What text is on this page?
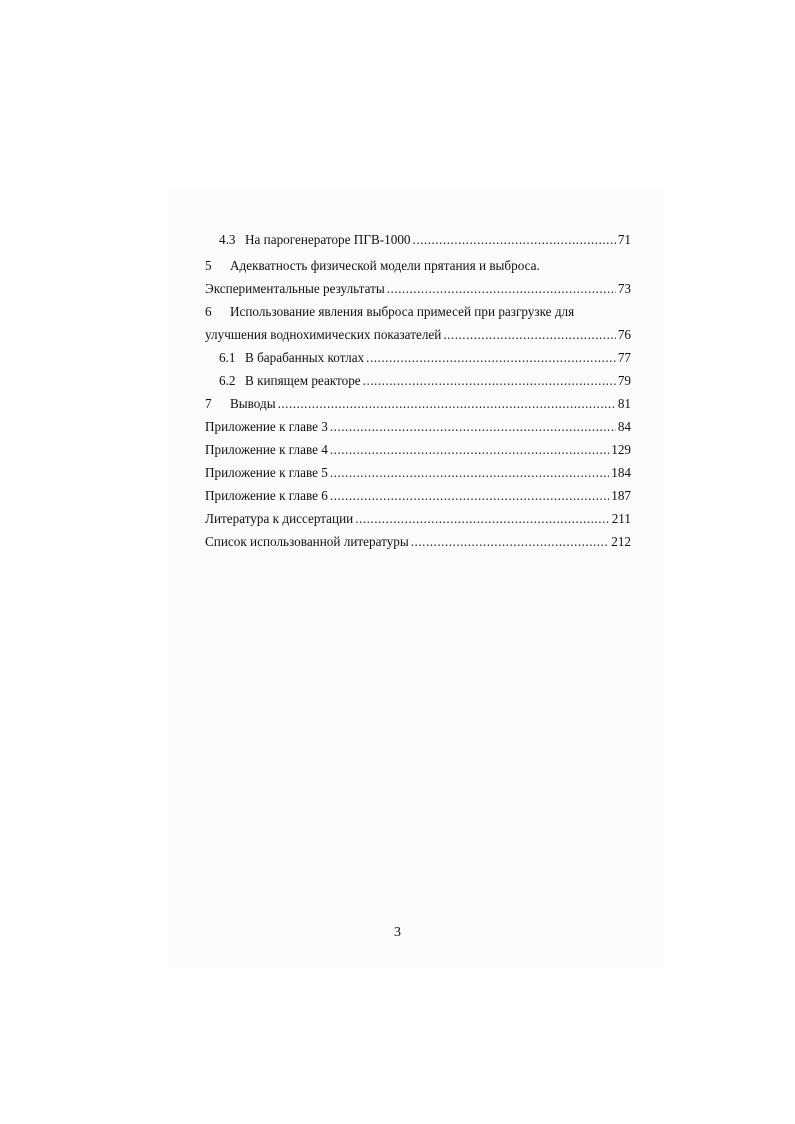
4.3 На парогенераторе ПГВ-1000 .....	71
5	Адекватность физической модели прятания и выброса.
Экспериментальные результаты .....	73
6	Использование явления выброса примесей при разгрузке для
улучшения воднохимических показателей .....	76
6.1 В барабанных котлах .....	77
6.2 В кипящем реакторе .....	79
7	Выводы .....	81
Приложение к главе 3 .....	84
Приложение к главе 4 .....	129
Приложение к главе 5 .....	184
Приложение к главе 6 .....	187
Литература к диссертации .....	211
Список использованной литературы .....	212
3
